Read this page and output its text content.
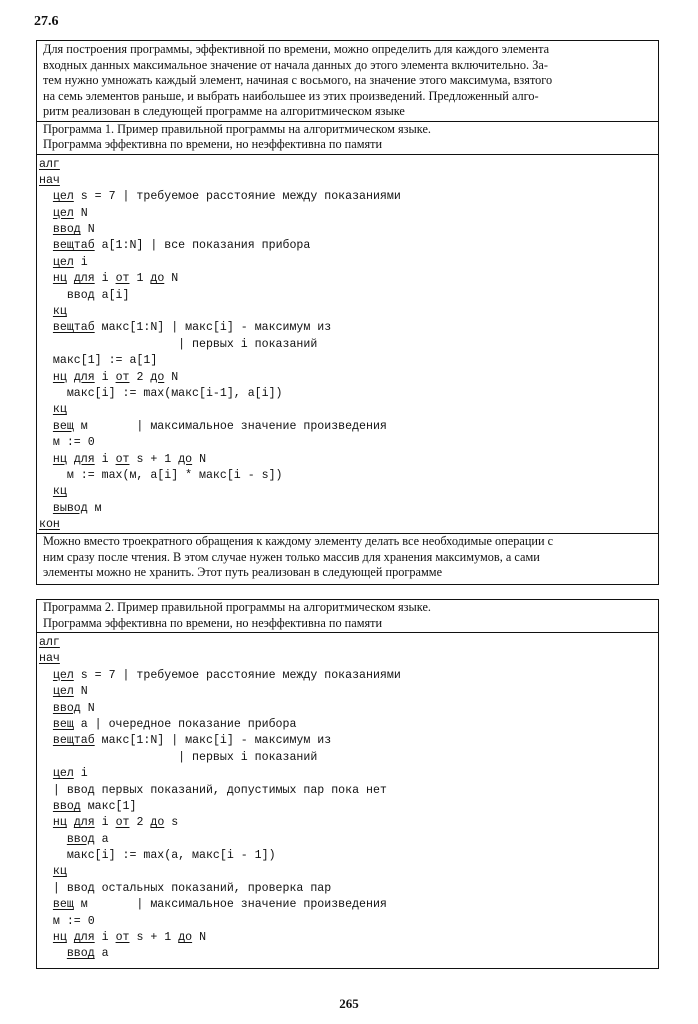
27.6
Для построения программы, эффективной по времени, можно определить для каждого элемента
входных данных максимальное значение от начала данных до этого элемента включительно. За-
тем нужно умножать каждый элемент, начиная с восьмого, на значение этого максимума, взятого
на семь элементов раньше, и выбрать наибольшее из этих произведений. Предложенный алго-
ритм реализован в следующей программе на алгоритмическом языке
Программа 1. Пример правильной программы на алгоритмическом языке.
Программа эффективна по времени, но неэффективна по памяти
алг
нач
цел s = 7 | требуемое расстояние между показаниями
цел N
ввод N
вещтаб a[1:N] | все показания прибора
цел i
нц для i от 1 до N
ввод a[i]
кц
вещтаб макс[1:N] | макс[i] - максимум из
| первых i показаний
макс[1] := a[1]
нц для i от 2 до N
макс[i] := max(макс[i-1], a[i])
кц
вещ м       | максимальное значение произведения
м := 0
нц для i от s + 1 до N
м := max(м, a[i] * макс[i - s])
кц
вывод м
кон
Можно вместо троекратного обращения к каждому элементу делать все необходимые операции с
ним сразу после чтения. В этом случае нужен только массив для хранения максимумов, а сами
элементы можно не хранить. Этот путь реализован в следующей программе
Программа 2. Пример правильной программы на алгоритмическом языке.
Программа эффективна по времени, но неэффективна по памяти
алг
нач
цел s = 7 | требуемое расстояние между показаниями
цел N
ввод N
вещ a | очередное показание прибора
вещтаб макс[1:N] | макс[i] - максимум из
| первых i показаний
цел i
| ввод первых показаний, допустимых пар пока нет
ввод макс[1]
нц для i от 2 до s
ввод a
макс[i] := max(a, макс[i - 1])
кц
| ввод остальных показаний, проверка пар
вещ м       | максимальное значение произведения
м := 0
нц для i от s + 1 до N
ввод a
265
